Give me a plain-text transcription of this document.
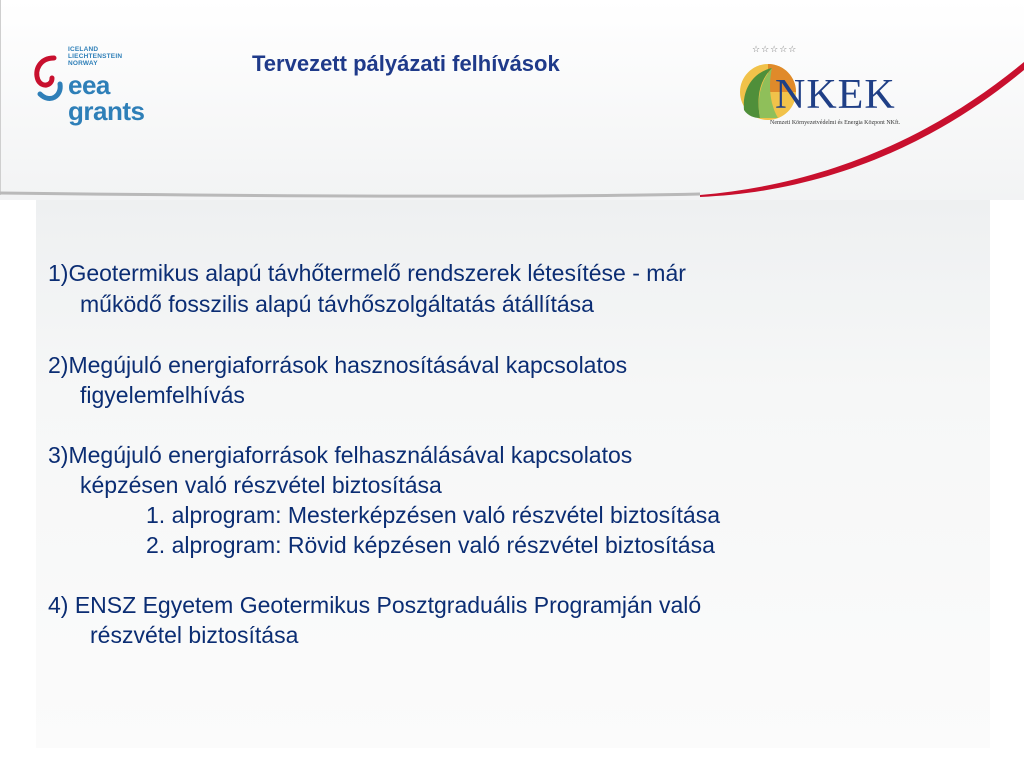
ICELAND
LIECHTENSTEIN
NORWAY
eea
grants
Tervezett pályázati felhívások
☆☆☆☆☆
NKEK
Nemzeti Környezetvédelmi és Energia Központ NKft.
1)Geotermikus alapú távhőtermelő rendszerek létesítése - már
működő fosszilis alapú távhőszolgáltatás átállítása
2)Megújuló energiaforrások hasznosításával kapcsolatos
figyelemfelhívás
3)Megújuló energiaforrások felhasználásával kapcsolatos
képzésen való részvétel biztosítása
1. alprogram: Mesterképzésen való részvétel biztosítása
2. alprogram: Rövid képzésen való részvétel biztosítása
4) ENSZ Egyetem Geotermikus Posztgraduális Programján való
részvétel biztosítása
